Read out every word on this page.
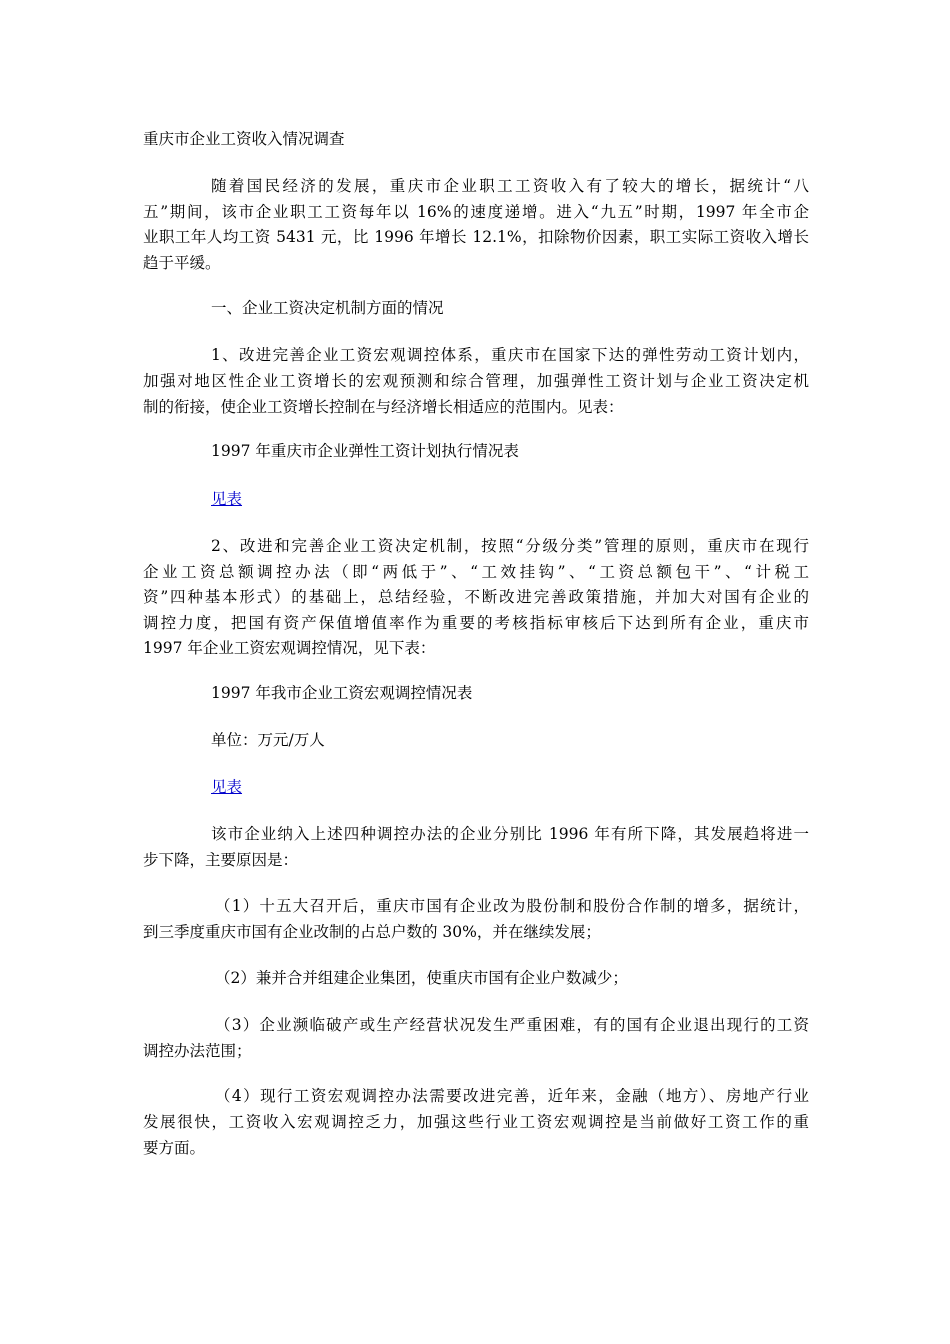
重庆市企业工资收入情况调查
随着国民经济的发展，重庆市企业职工工资收入有了较大的增长，据统计“八
五”期间，该市企业职工工资每年以 16%的速度递增。进入“九五”时期，1997 年全市企
业职工年人均工资 5431 元，比 1996 年增长 12.1%，扣除物价因素，职工实际工资收入增长
趋于平缓。
一、企业工资决定机制方面的情况
1、改进完善企业工资宏观调控体系，重庆市在国家下达的弹性劳动工资计划内，
加强对地区性企业工资增长的宏观预测和综合管理，加强弹性工资计划与企业工资决定机
制的衔接，使企业工资增长控制在与经济增长相适应的范围内。见表：
1997 年重庆市企业弹性工资计划执行情况表
见表
2、改进和完善企业工资决定机制，按照“分级分类”管理的原则，重庆市在现行
企业工资总额调控办法（即“两低于”、“工效挂钩”、“工资总额包干”、“计税工
资”四种基本形式）的基础上，总结经验，不断改进完善政策措施，并加大对国有企业的
调控力度，把国有资产保值增值率作为重要的考核指标审核后下达到所有企业，重庆市
1997 年企业工资宏观调控情况，见下表：
1997 年我市企业工资宏观调控情况表
单位：万元/万人
见表
该市企业纳入上述四种调控办法的企业分别比 1996 年有所下降，其发展趋将进一
步下降，主要原因是：
（1）十五大召开后，重庆市国有企业改为股份制和股份合作制的增多，据统计，
到三季度重庆市国有企业改制的占总户数的 30%，并在继续发展；
（2）兼并合并组建企业集团，使重庆市国有企业户数减少；
（3）企业濒临破产或生产经营状况发生严重困难，有的国有企业退出现行的工资
调控办法范围；
（4）现行工资宏观调控办法需要改进完善，近年来，金融（地方）、房地产行业
发展很快，工资收入宏观调控乏力，加强这些行业工资宏观调控是当前做好工资工作的重
要方面。
